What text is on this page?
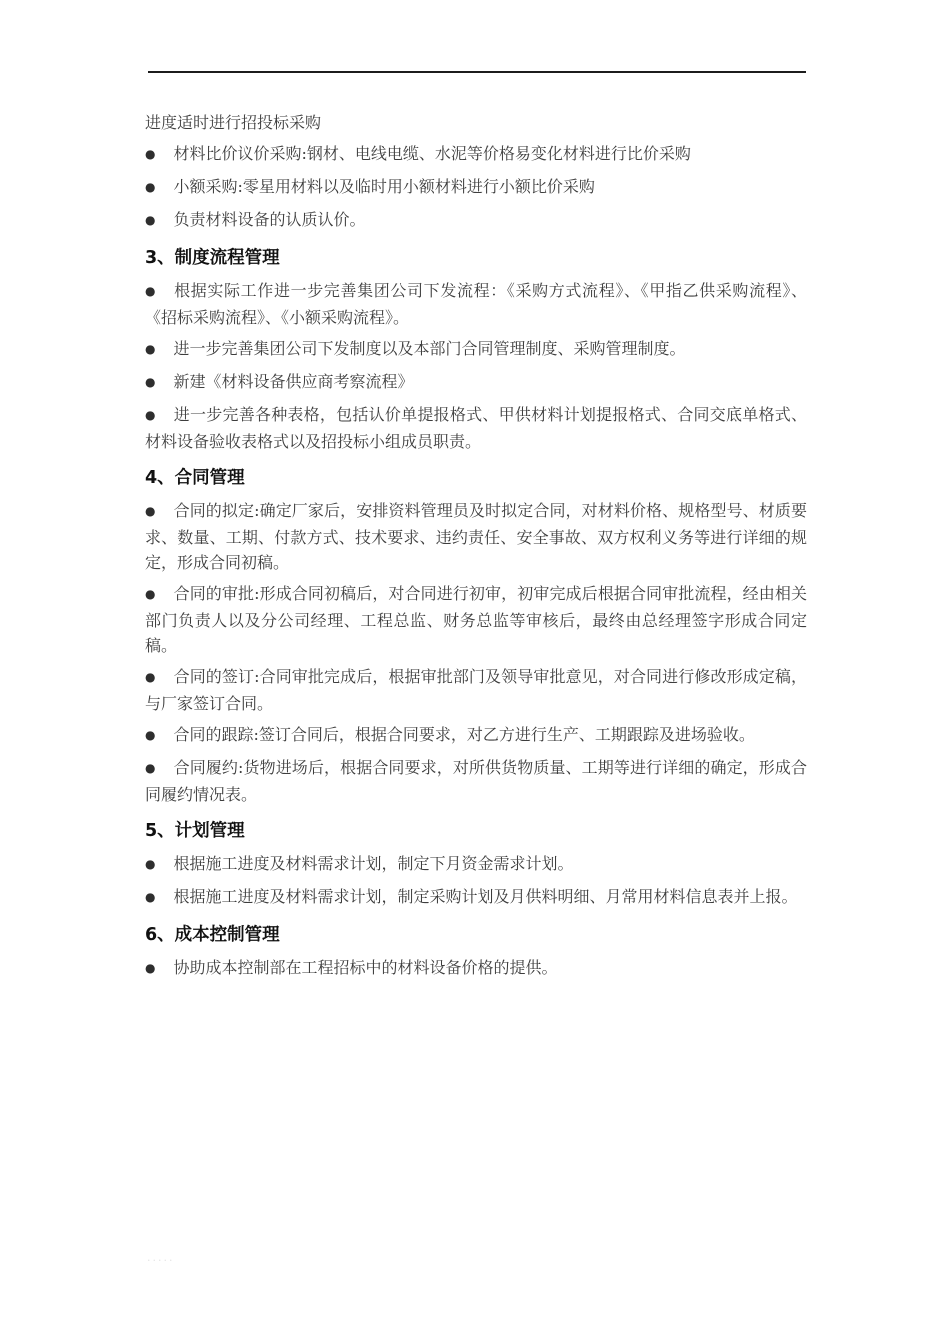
进度适时进行招投标采购

● 材料比价议价采购:钢材、电线电缆、水泥等价格易变化材料进行比价采购

● 小额采购:零星用材料以及临时用小额材料进行小额比价采购

● 负责材料设备的认质认价。

3、制度流程管理

● 根据实际工作进一步完善集团公司下发流程：《采购方式流程》、《甲指乙供采购流程》、 《招标采购流程》、《小额采购流程》。

● 进一步完善集团公司下发制度以及本部门合同管理制度、采购管理制度。

● 新建《材料设备供应商考察流程》

● 进一步完善各种表格，包括认价单提报格式、甲供材料计划提报格式、合同交底单格式、材料设备验收表格式以及招投标小组成员职责。

4、合同管理

● 合同的拟定:确定厂家后，安排资料管理员及时拟定合同，对材料价格、规格型号、材质要求、数量、工期、付款方式、技术要求、违约责任、安全事故、双方权利义务等进行详细的规定，形成合同初稿。

● 合同的审批:形成合同初稿后，对合同进行初审，初审完成后根据合同审批流程，经由相关部门负责人以及分公司经理、工程总监、财务总监等审核后，最终由总经理签字形成合同定稿。

● 合同的签订:合同审批完成后，根据审批部门及领导审批意见，对合同进行修改形成定稿，与厂家签订合同。

● 合同的跟踪:签订合同后，根据合同要求，对乙方进行生产、工期跟踪及进场验收。

● 合同履约:货物进场后，根据合同要求，对所供货物质量、工期等进行详细的确定，形成合同履约情况表。

5、计划管理

● 根据施工进度及材料需求计划，制定下月资金需求计划。

● 根据施工进度及材料需求计划，制定采购计划及月供料明细、月常用材料信息表并上报。

6、成本控制管理

● 协助成本控制部在工程招标中的材料设备价格的提供。

·····
